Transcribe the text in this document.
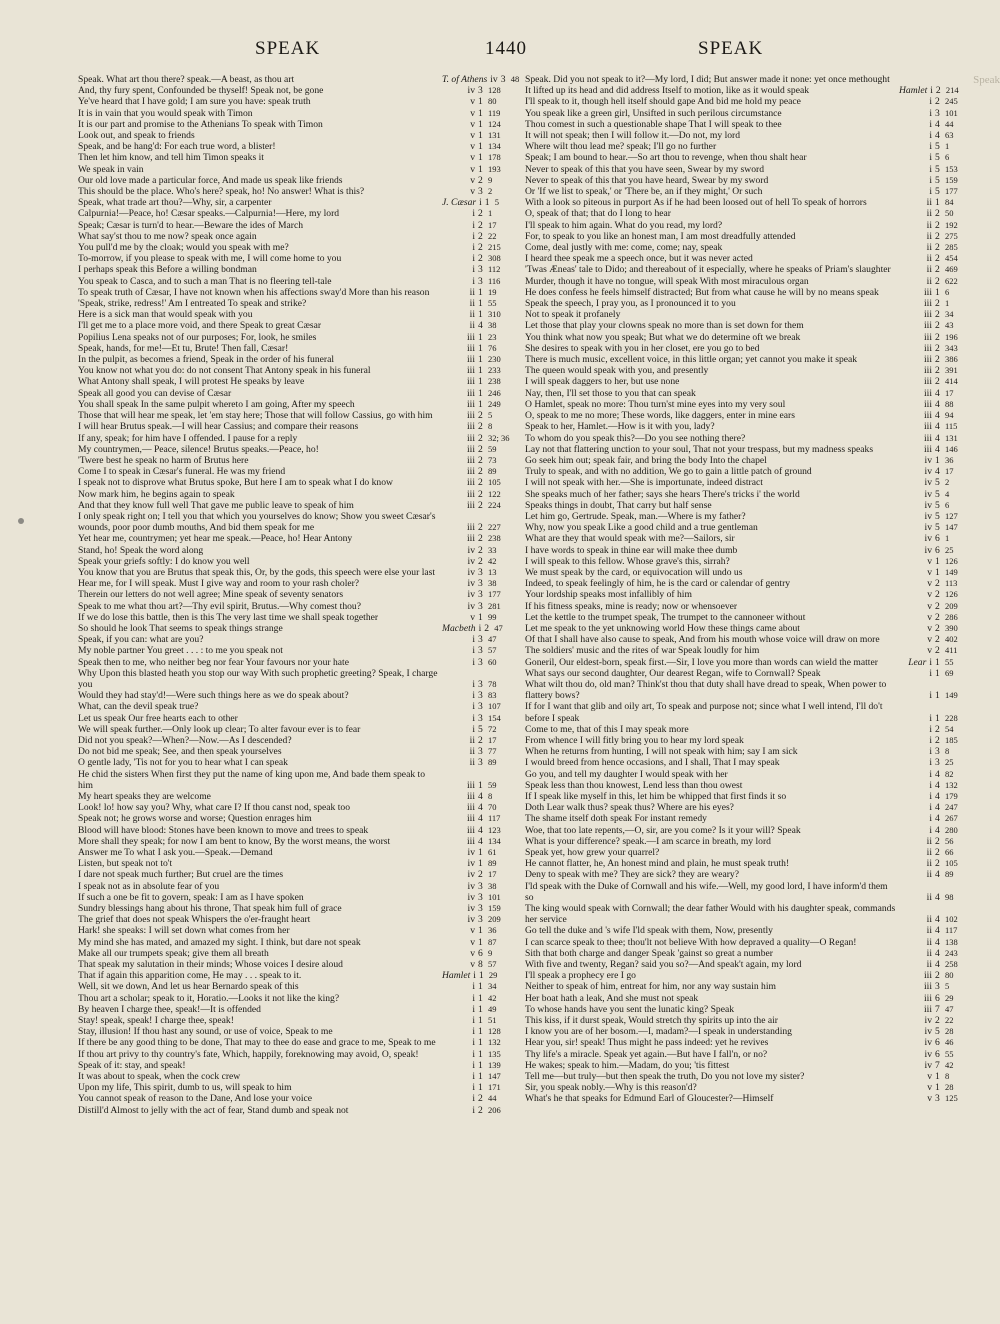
SPEAK	1440	SPEAK
Speak
Speak. What art thou there? speak.—A beast, as thou art	T. of Athens iv 3 48
And, thy fury spent, Confounded be thyself! Speak not, be gone	iv 3 128
Ye've heard that I have gold; I am sure you have: speak truth	v 1 80
It is in vain that you would speak with Timon	v 1 119
It is our part and promise to the Athenians To speak with Timon	v 1 124
Look out, and speak to friends	v 1 131
Speak, and be hang'd: For each true word, a blister!	v 1 134
Then let him know, and tell him Timon speaks it	v 1 178
We speak in vain	v 1 193
Our old love made a particular force, And made us speak like friends	v 2 9
This should be the place. Who's here? speak, ho! No answer! What is this?	v 3 2
Speak, what trade art thou?—Why, sir, a carpenter	J. Cæsar i 1 5
Calpurnia!—Peace, ho! Cæsar speaks.—Calpurnia!—Here, my lord	i 2 1
Speak; Cæsar is turn'd to hear.—Beware the ides of March	i 2 17
What say'st thou to me now? speak once again	i 2 22
You pull'd me by the cloak; would you speak with me?	i 2 215
To-morrow, if you please to speak with me, I will come home to you	i 2 308
I perhaps speak this Before a willing bondman	i 3 112
You speak to Casca, and to such a man That is no fleering tell-tale	i 3 116
To speak truth of Cæsar, I have not known when his affections sway'd More than his reason	ii 1 19
'Speak, strike, redress!' Am I entreated To speak and strike?	ii 1 55
Here is a sick man that would speak with you	ii 1 310
I'll get me to a place more void, and there Speak to great Cæsar	ii 4 38
Popilius Lena speaks not of our purposes; For, look, he smiles	iii 1 23
Speak, hands, for me!—Et tu, Brute! Then fall, Cæsar!	iii 1 76
In the pulpit, as becomes a friend, Speak in the order of his funeral	iii 1 230
You know not what you do: do not consent That Antony speak in his funeral	iii 1 233
What Antony shall speak, I will protest He speaks by leave	iii 1 238
Speak all good you can devise of Cæsar	iii 1 246
You shall speak In the same pulpit whereto I am going, After my speech	iii 1 249
Those that will hear me speak, let 'em stay here; Those that will follow Cassius, go with him	iii 2 5
I will hear Brutus speak.—I will hear Cassius; and compare their reasons	iii 2 8
If any, speak; for him have I offended. I pause for a reply	iii 2 32; 36
My countrymen,— Peace, silence! Brutus speaks.—Peace, ho!	iii 2 59
'Twere best he speak no harm of Brutus here	iii 2 73
Come I to speak in Cæsar's funeral. He was my friend	iii 2 89
I speak not to disprove what Brutus spoke, But here I am to speak what I do know	iii 2 105
Now mark him, he begins again to speak	iii 2 122
And that they know full well That gave me public leave to speak of him	iii 2 224
I only speak right on; I tell you that which you yourselves do know; Show you sweet Cæsar's wounds, poor poor dumb mouths, And bid them speak for me	iii 2 227
Yet hear me, countrymen; yet hear me speak.—Peace, ho! Hear Antony	iii 2 238
Stand, ho! Speak the word along	iv 2 33
Speak your griefs softly: I do know you well	iv 2 42
You know that you are Brutus that speak this, Or, by the gods, this speech were else your last	iv 3 13
Hear me, for I will speak. Must I give way and room to your rash choler?	iv 3 38
Therein our letters do not well agree; Mine speak of seventy senators	iv 3 177
Speak to me what thou art?—Thy evil spirit, Brutus.—Why comest thou?	iv 3 281
If we do lose this battle, then is this The very last time we shall speak together	v 1 99
So should he look That seems to speak things strange	Macbeth i 2 47
Speak, if you can: what are you?	i 3 47
My noble partner You greet . . . : to me you speak not	i 3 57
Speak then to me, who neither beg nor fear Your favours nor your hate	i 3 60
Why Upon this blasted heath you stop our way With such prophetic greeting? Speak, I charge you	i 3 78
Would they had stay'd!—Were such things here as we do speak about?	i 3 83
What, can the devil speak true?	i 3 107
Let us speak Our free hearts each to other	i 3 154
We will speak further.—Only look up clear; To alter favour ever is to fear	i 5 72
Did not you speak?—When?—Now.—As I descended?	ii 2 17
Do not bid me speak; See, and then speak yourselves	ii 3 77
O gentle lady, 'Tis not for you to hear what I can speak	ii 3 89
He chid the sisters When first they put the name of king upon me, And bade them speak to him	iii 1 59
My heart speaks they are welcome	iii 4 8
Look! lo! how say you? Why, what care I? If thou canst nod, speak too	iii 4 70
Speak not; he grows worse and worse; Question enrages him	iii 4 117
Blood will have blood: Stones have been known to move and trees to speak	iii 4 123
More shall they speak; for now I am bent to know, By the worst means, the worst	iii 4 134
Answer me To what I ask you.—Speak.—Demand	iv 1 61
Listen, but speak not to't	iv 1 89
I dare not speak much further; But cruel are the times	iv 2 17
I speak not as in absolute fear of you	iv 3 38
If such a one be fit to govern, speak: I am as I have spoken	iv 3 101
Sundry blessings hang about his throne, That speak him full of grace	iv 3 159
The grief that does not speak Whispers the o'er-fraught heart	iv 3 209
Hark! she speaks: I will set down what comes from her	v 1 36
My mind she has mated, and amazed my sight. I think, but dare not speak	v 1 87
Make all our trumpets speak; give them all breath	v 6 9
That speak my salutation in their minds; Whose voices I desire aloud	v 8 57
That if again this apparition come, He may . . . speak to it.	Hamlet i 1 29
Well, sit we down, And let us hear Bernardo speak of this	i 1 34
Thou art a scholar; speak to it, Horatio.—Looks it not like the king?	i 1 42
By heaven I charge thee, speak!—It is offended	i 1 49
Stay! speak, speak! I charge thee, speak!	i 1 51
Stay, illusion! If thou hast any sound, or use of voice, Speak to me	i 1 128
If there be any good thing to be done, That may to thee do ease and grace to me, Speak to me	i 1 132
If thou art privy to thy country's fate, Which, happily, foreknowing may avoid, O, speak!	i 1 135
Speak of it: stay, and speak!	i 1 139
It was about to speak, when the cock crew	i 1 147
Upon my life, This spirit, dumb to us, will speak to him	i 1 171
You cannot speak of reason to the Dane, And lose your voice	i 2 44
Distill'd Almost to jelly with the act of fear, Stand dumb and speak not	i 2 206
Speak. Did you not speak to it?—My lord, I did; But answer made it none: yet once methought It lifted up its head and did address Itself to motion, like as it would speak	Hamlet i 2 214
I'll speak to it, though hell itself should gape And bid me hold my peace	i 2 245
You speak like a green girl, Unsifted in such perilous circumstance	i 3 101
Thou comest in such a questionable shape That I will speak to thee	i 4 44
It will not speak; then I will follow it.—Do not, my lord	i 4 63
Where wilt thou lead me? speak; I'll go no further	i 5 1
Speak; I am bound to hear.—So art thou to revenge, when thou shalt hear	i 5 6
Never to speak of this that you have seen, Swear by my sword	i 5 153
Never to speak of this that you have heard, Swear by my sword	i 5 159
Or 'If we list to speak,' or 'There be, an if they might,' Or such	i 5 177
With a look so piteous in purport As if he had been loosed out of hell To speak of horrors	ii 1 84
O, speak of that; that do I long to hear	ii 2 50
I'll speak to him again. What do you read, my lord?	ii 2 192
For, to speak to you like an honest man, I am most dreadfully attended	ii 2 275
Come, deal justly with me: come, come; nay, speak	ii 2 285
I heard thee speak me a speech once, but it was never acted	ii 2 454
'Twas Æneas' tale to Dido; and thereabout of it especially, where he speaks of Priam's slaughter	ii 2 469
Murder, though it have no tongue, will speak With most miraculous organ	ii 2 622
He does confess he feels himself distracted; But from what cause he will by no means speak	iii 1 6
Speak the speech, I pray you, as I pronounced it to you	iii 2 1
Not to speak it profanely	iii 2 34
Let those that play your clowns speak no more than is set down for them	iii 2 43
You think what now you speak; But what we do determine oft we break	iii 2 196
She desires to speak with you in her closet, ere you go to bed	iii 2 343
There is much music, excellent voice, in this little organ; yet cannot you make it speak	iii 2 386
The queen would speak with you, and presently	iii 2 391
I will speak daggers to her, but use none	iii 2 414
Nay, then, I'll set those to you that can speak	iii 4 17
O Hamlet, speak no more: Thou turn'st mine eyes into my very soul	iii 4 88
O, speak to me no more; These words, like daggers, enter in mine ears	iii 4 94
Speak to her, Hamlet.—How is it with you, lady?	iii 4 115
To whom do you speak this?—Do you see nothing there?	iii 4 131
Lay not that flattering unction to your soul, That not your trespass, but my madness speaks	iii 4 146
Go seek him out; speak fair, and bring the body Into the chapel	iv 1 36
Truly to speak, and with no addition, We go to gain a little patch of ground	iv 4 17
I will not speak with her.—She is importunate, indeed distract	iv 5 2
She speaks much of her father; says she hears There's tricks i' the world	iv 5 4
Speaks things in doubt, That carry but half sense	iv 5 6
Let him go, Gertrude. Speak, man.—Where is my father?	iv 5 127
Why, now you speak Like a good child and a true gentleman	iv 5 147
What are they that would speak with me?—Sailors, sir	iv 6 1
I have words to speak in thine ear will make thee dumb	iv 6 25
I will speak to this fellow. Whose grave's this, sirrah?	v 1 126
We must speak by the card, or equivocation will undo us	v 1 149
Indeed, to speak feelingly of him, he is the card or calendar of gentry	v 2 113
Your lordship speaks most infallibly of him	v 2 126
If his fitness speaks, mine is ready; now or whensoever	v 2 209
Let the kettle to the trumpet speak, The trumpet to the cannoneer without	v 2 286
Let me speak to the yet unknowing world How these things came about	v 2 390
Of that I shall have also cause to speak, And from his mouth whose voice will draw on more	v 2 402
The soldiers' music and the rites of war Speak loudly for him	v 2 411
Goneril, Our eldest-born, speak first.—Sir, I love you more than words can wield the matter	Lear i 1 55
What says our second daughter, Our dearest Regan, wife to Cornwall? Speak	i 1 69
What wilt thou do, old man? Think'st thou that duty shall have dread to speak, When power to flattery bows?	i 1 149
If for I want that glib and oily art, To speak and purpose not; since what I well intend, I'll do't before I speak	i 1 228
Come to me, that of this I may speak more	i 2 54
From whence I will fitly bring you to hear my lord speak	i 2 185
When he returns from hunting, I will not speak with him; say I am sick	i 3 8
I would breed from hence occasions, and I shall, That I may speak	i 3 25
Go you, and tell my daughter I would speak with her	i 4 82
Speak less than thou knowest, Lend less than thou owest	i 4 132
If I speak like myself in this, let him be whipped that first finds it so	i 4 179
Doth Lear walk thus? speak thus? Where are his eyes?	i 4 247
The shame itself doth speak For instant remedy	i 4 267
Woe, that too late repents,—O, sir, are you come? Is it your will? Speak	i 4 280
What is your difference? speak.—I am scarce in breath, my lord	ii 2 56
Speak yet, how grew your quarrel?	ii 2 66
He cannot flatter, he, An honest mind and plain, he must speak truth!	ii 2 105
Deny to speak with me? They are sick? they are weary?	ii 4 89
I'ld speak with the Duke of Cornwall and his wife.—Well, my good lord, I have inform'd them so	ii 4 98
The king would speak with Cornwall; the dear father Would with his daughter speak, commands her service	ii 4 102
Go tell the duke and 's wife I'ld speak with them, Now, presently	ii 4 117
I can scarce speak to thee; thou'lt not believe With how depraved a quality—O Regan!	ii 4 138
Sith that both charge and danger Speak 'gainst so great a number	ii 4 243
With five and twenty, Regan? said you so?—And speak't again, my lord	ii 4 258
I'll speak a prophecy ere I go	iii 2 80
Neither to speak of him, entreat for him, nor any way sustain him	iii 3 5
Her boat hath a leak, And she must not speak	iii 6 29
To whose hands have you sent the lunatic king? Speak	iii 7 47
This kiss, if it durst speak, Would stretch thy spirits up into the air	iv 2 22
I know you are of her bosom.—I, madam?—I speak in understanding	iv 5 28
Hear you, sir! speak! Thus might he pass indeed: yet he revives	iv 6 46
Thy life's a miracle. Speak yet again.—But have I fall'n, or no?	iv 6 55
He wakes; speak to him.—Madam, do you; 'tis fittest	iv 7 42
Tell me—but truly—but then speak the truth, Do you not love my sister?	v 1 8
Sir, you speak nobly.—Why is this reason'd?	v 1 28
What's he that speaks for Edmund Earl of Gloucester?—Himself	v 3 125
